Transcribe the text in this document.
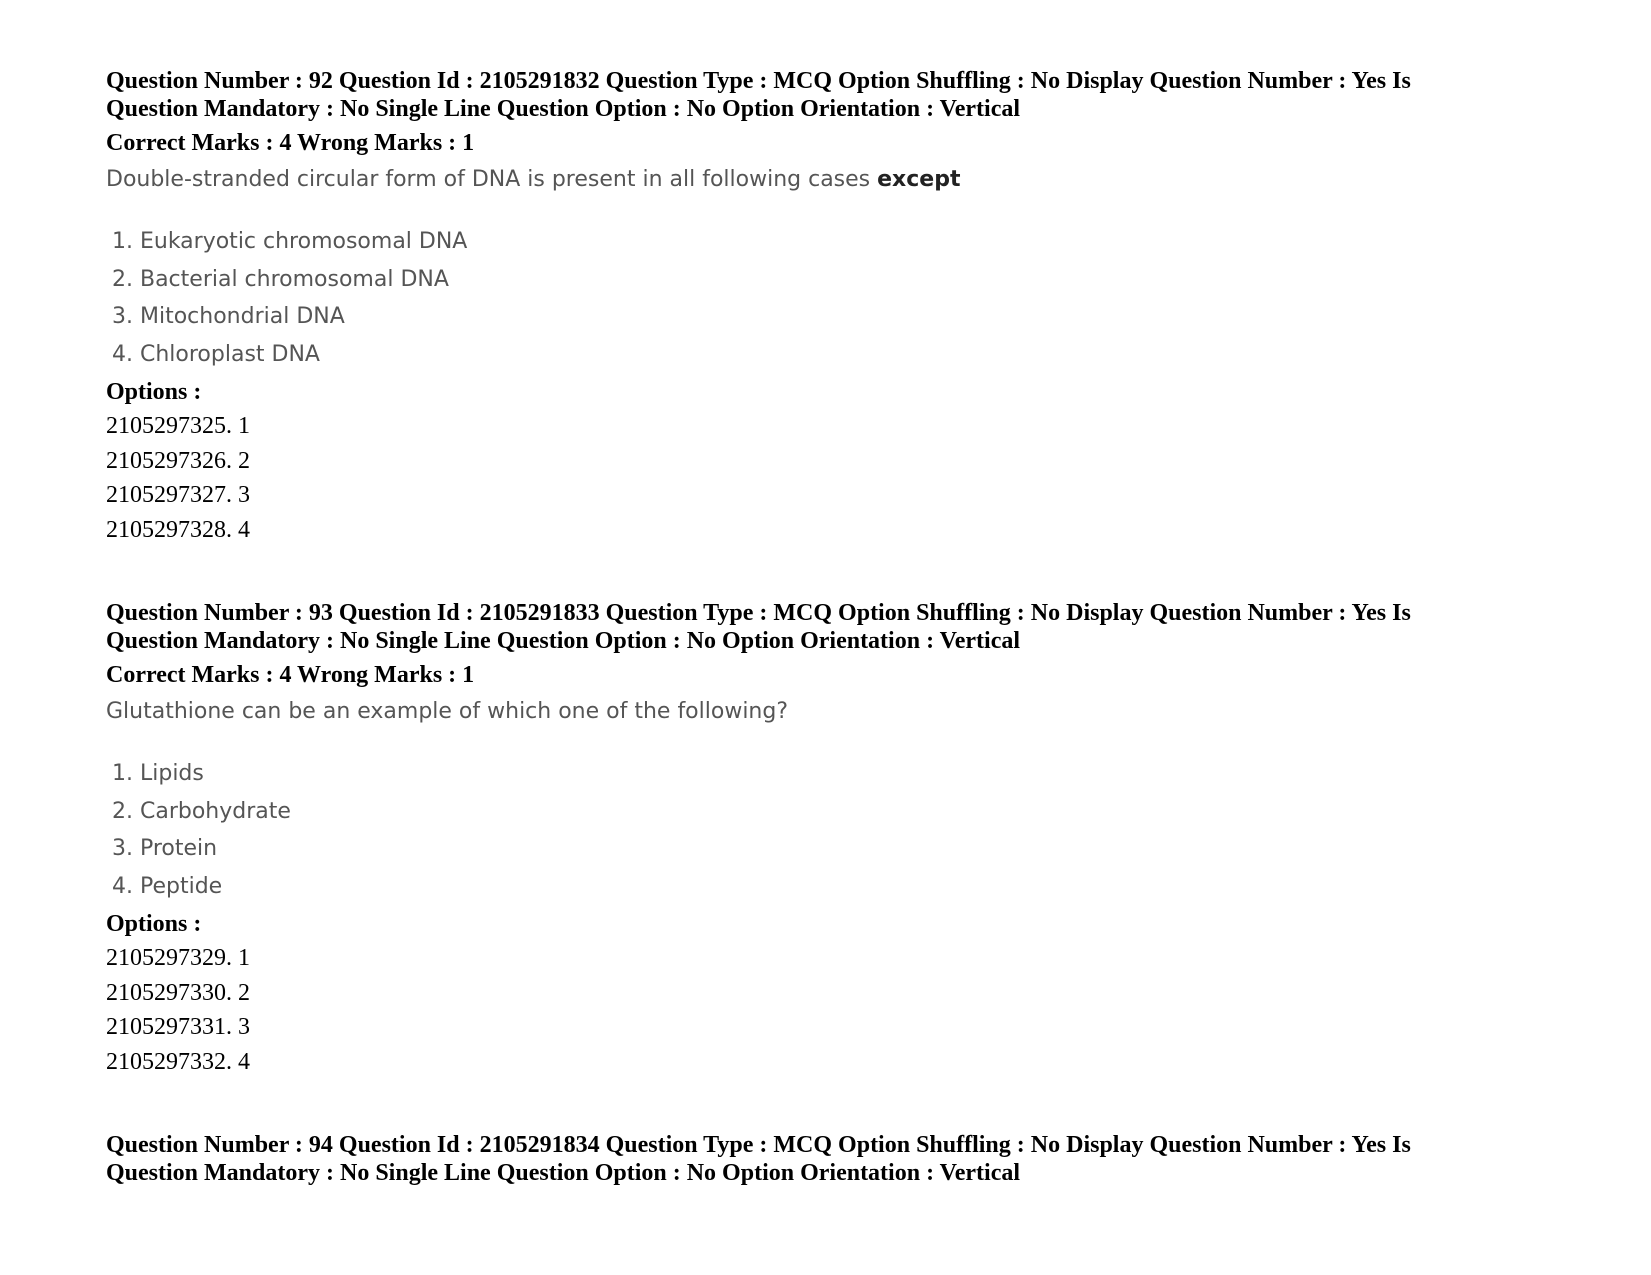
Question Number : 92 Question Id : 2105291832 Question Type : MCQ Option Shuffling : No Display Question Number : Yes Is

Question Mandatory : No Single Line Question Option : No Option Orientation : Vertical

Correct Marks : 4 Wrong Marks : 1
Double-stranded circular form of DNA is present in all following cases except
1. Eukaryotic chromosomal DNA
2. Bacterial chromosomal DNA
3. Mitochondrial DNA
4. Chloroplast DNA
Options :
2105297325. 1
2105297326. 2
2105297327. 3
2105297328. 4

Question Number : 93 Question Id : 2105291833 Question Type : MCQ Option Shuffling : No Display Question Number : Yes Is

Question Mandatory : No Single Line Question Option : No Option Orientation : Vertical

Correct Marks : 4 Wrong Marks : 1
Glutathione can be an example of which one of the following?
1. Lipids
2. Carbohydrate
3. Protein
4. Peptide
Options :
2105297329. 1
2105297330. 2
2105297331. 3
2105297332. 4

Question Number : 94 Question Id : 2105291834 Question Type : MCQ Option Shuffling : No Display Question Number : Yes Is

Question Mandatory : No Single Line Question Option : No Option Orientation : Vertical
